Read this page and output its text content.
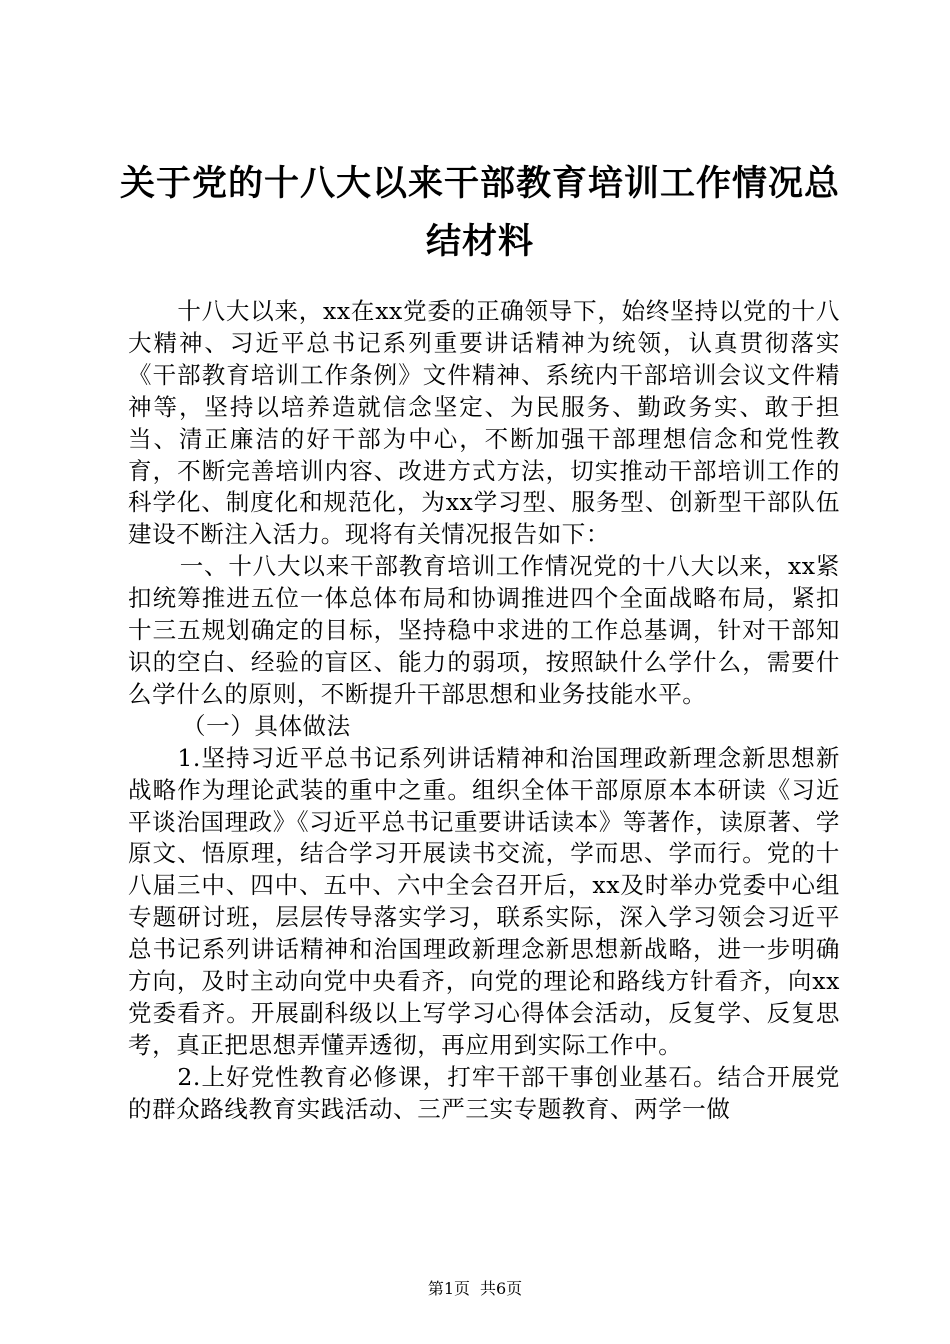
关于党的十八大以来干部教育培训工作情况总
结材料

十八大以来，xx在xx党委的正确领导下，始终坚持以党的十八大精神、习近平总书记系列重要讲话精神为统领，认真贯彻落实《干部教育培训工作条例》文件精神、系统内干部培训会议文件精神等，坚持以培养造就信念坚定、为民服务、勤政务实、敢于担当、清正廉洁的好干部为中心，不断加强干部理想信念和党性教育，不断完善培训内容、改进方式方法，切实推动干部培训工作的科学化、制度化和规范化，为xx学习型、服务型、创新型干部队伍建设不断注入活力。现将有关情况报告如下：

一、十八大以来干部教育培训工作情况党的十八大以来，xx紧扣统筹推进五位一体总体布局和协调推进四个全面战略布局，紧扣十三五规划确定的目标，坚持稳中求进的工作总基调，针对干部知识的空白、经验的盲区、能力的弱项，按照缺什么学什么，需要什么学什么的原则，不断提升干部思想和业务技能水平。

（一）具体做法

1.坚持习近平总书记系列讲话精神和治国理政新理念新思想新战略作为理论武装的重中之重。组织全体干部原原本本研读《习近平谈治国理政》《习近平总书记重要讲话读本》等著作，读原著、学原文、悟原理，结合学习开展读书交流，学而思、学而行。党的十八届三中、四中、五中、六中全会召开后，xx及时举办党委中心组专题研讨班，层层传导落实学习，联系实际，深入学习领会习近平总书记系列讲话精神和治国理政新理念新思想新战略，进一步明确方向，及时主动向党中央看齐，向党的理论和路线方针看齐，向xx党委看齐。开展副科级以上写学习心得体会活动，反复学、反复思考，真正把思想弄懂弄透彻，再应用到实际工作中。

2.上好党性教育必修课，打牢干部干事创业基石。结合开展党的群众路线教育实践活动、三严三实专题教育、两学一做

第1页 共6页
